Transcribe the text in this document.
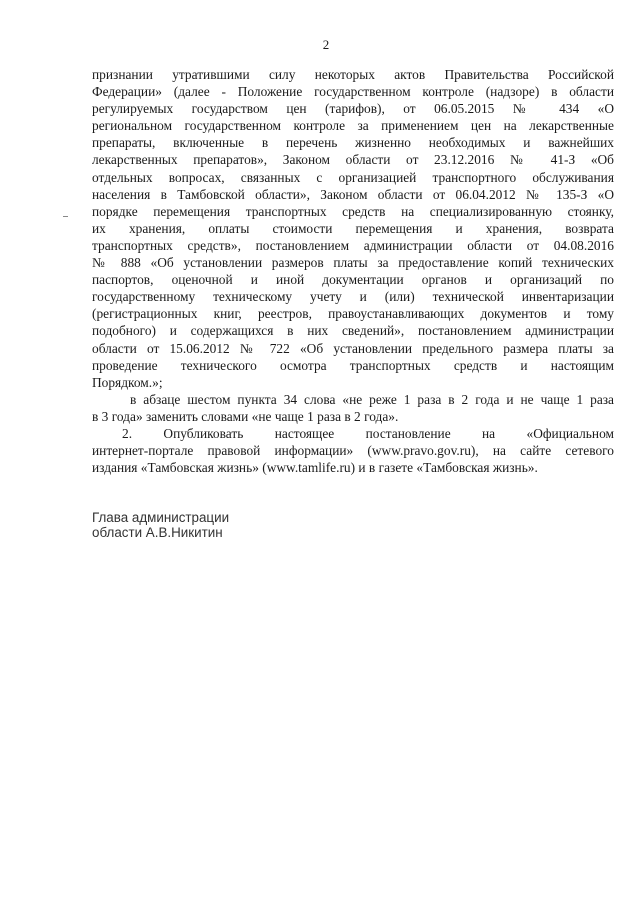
2
признании утратившими силу некоторых актов Правительства Российской
Федерации» (далее - Положение государственном контроле (надзоре) в области
регулируемых государством цен (тарифов), от 06.05.2015 № 434 «О
региональном государственном контроле за применением цен на лекарственные
препараты, включенные в перечень жизненно необходимых и важнейших
лекарственных препаратов», Законом области от 23.12.2016 № 41-З «Об
отдельных вопросах, связанных с организацией транспортного обслуживания
населения в Тамбовской области», Законом области от 06.04.2012 № 135-З «О
порядке перемещения транспортных средств на специализированную стоянку,
их хранения, оплаты стоимости перемещения и хранения, возврата
транспортных средств», постановлением администрации области от 04.08.2016
№ 888 «Об установлении размеров платы за предоставление копий технических
паспортов, оценочной и иной документации органов и организаций по
государственному техническому учету и (или) технической инвентаризации
(регистрационных книг, реестров, правоустанавливающих документов и тому
подобного) и содержащихся в них сведений», постановлением администрации
области от 15.06.2012 № 722 «Об установлении предельного размера платы за
проведение технического осмотра транспортных средств и настоящим
Порядком.»;
в абзаце шестом пункта 34 слова «не реже 1 раза в 2 года и не чаще 1 раза
в 3 года» заменить словами «не чаще 1 раза в 2 года».
2. Опубликовать настоящее постановление на «Официальном
интернет-портале правовой информации» (www.pravo.gov.ru), на сайте сетевого
издания «Тамбовская жизнь» (www.tamlife.ru) и в газете «Тамбовская жизнь».
Глава администрации
области А.В.Никитин
